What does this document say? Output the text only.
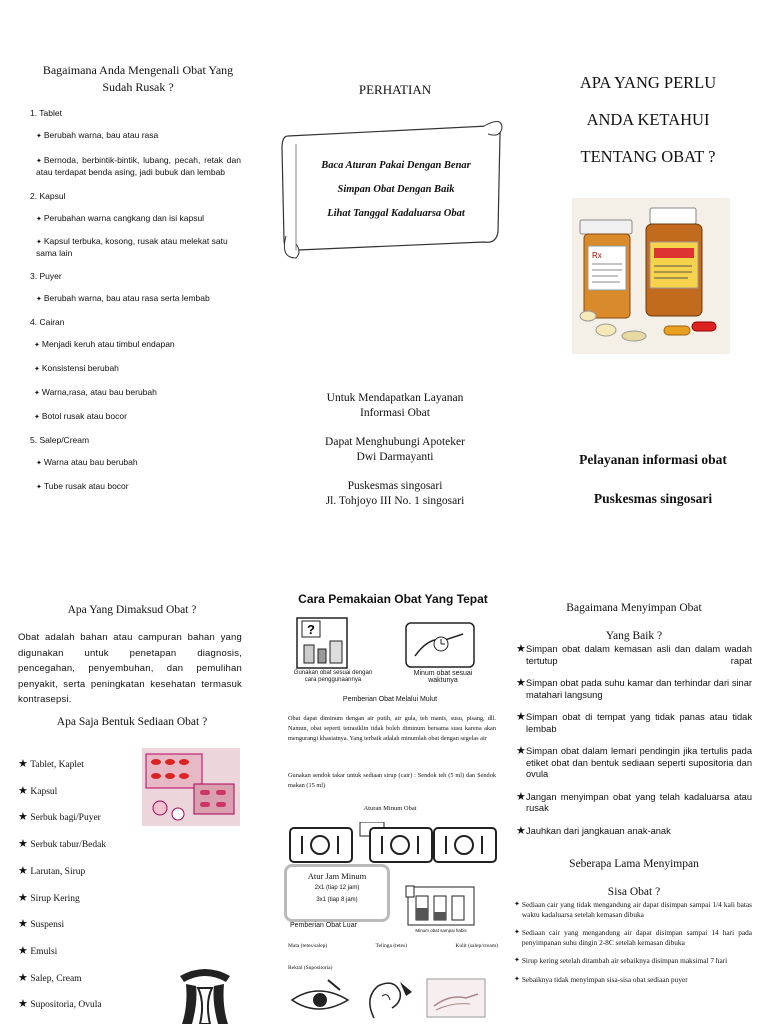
Bagaimana Anda Mengenali Obat Yang Sudah Rusak ?
1. Tablet
✦ Berubah warna, bau atau rasa
✦ Bernoda, berbintik-bintik, lubang, pecah, retak dan atau terdapat benda asing, jadi bubuk dan lembab
2. Kapsul
✦ Perubahan warna cangkang dan isi kapsul
✦ Kapsul terbuka, kosong, rusak atau melekat satu sama lain
3. Puyer
✦ Berubah warna, bau atau rasa serta lembab
4. Cairan
✦ Menjadi keruh atau timbul endapan
✦ Konsistensi berubah
✦ Warna,rasa, atau bau berubah
✦ Botol rusak atau bocor
5. Salep/Cream
✦ Warna atau bau berubah
✦ Tube rusak atau bocor
PERHATIAN
Baca Aturan Pakai Dengan Benar
Simpan Obat Dengan Baik
Lihat Tanggal Kadaluarsa Obat
Untuk Mendapatkan Layanan
Informasi Obat
Dapat Menghubungi Apoteker
Dwi Darmayanti
Puskesmas singosari
Jl. Tohjoyo III No. 1 singosari
APA YANG PERLU
ANDA KETAHUI
TENTANG OBAT ?
Rx
Pelayanan informasi obat
Puskesmas singosari
Apa Yang Dimaksud Obat ?
Obat adalah bahan atau campuran bahan yang digunakan untuk penetapan diagnosis, pencegahan, penyembuhan, dan pemulihan penyakit, serta peningkatan kesehatan termasuk kontrasepsi.
Apa Saja Bentuk Sediaan Obat ?
★ Tablet, Kaplet
★ Kapsul
★ Serbuk bagi/Puyer
★ Serbuk tabur/Bedak
★ Larutan, Sirup
★ Sirup Kering
★ Suspensi
★ Emulsi
★ Salep, Cream
★ Supositoria, Ovula
Cara Pemakaian Obat Yang Tepat
?
Gunakan obat sesuai dengan cara penggunaannya
Minum obat sesuai waktunya
Pemberian Obat Melalui Mulut
Obat dapat diminum dengan air putih, air gula, teh manis, susu, pisang, dll. Namun, obat seperti tetrasiklin tidak boleh diminum bersama susu karena akan mengurangi khasiatnya. Yang terbaik adalah minumlah obat dengan segelas air
Gunakan sendok takar untuk sediaan sirup (cair) : Sendok teh (5 ml) dan Sendok makan (15 ml)
Aturan Minum Obat
Atur Jam Minum
2x1 (tiap 12 jam)
3x1 (tiap 8 jam)
Minum obat sampai habis
Pemberian Obat Luar
Mata (tetes/salep)	Telinga (tetes)	Kulit (salep/cream)
Rektal (Supositoria)
Bagaimana Menyimpan Obat
Yang Baik ?
★ Simpan obat dalam kemasan asli dan dalam wadah tertutup rapat
★ Simpan obat pada suhu kamar dan terhindar dari sinar matahari langsung
★ Simpan obat di tempat yang tidak panas atau tidak lembab
★ Simpan obat dalam lemari pendingin jika tertulis pada etiket obat dan bentuk sediaan seperti supositoria dan ovula
★ Jangan menyimpan obat yang telah kadaluarsa atau rusak
★ Jauhkan dari jangkauan anak-anak
Seberapa Lama Menyimpan
Sisa Obat ?
✦ Sediaan cair yang tidak mengandung air dapat disimpan sampai 1/4 kali batas waktu kadaluarsa setelah kemasan dibuka
✦ Sediaan cair yang mengandung air dapat disimpan sampai 14 hari pada penyimpanan suhu dingin 2-8C setelah kemasan dibuka
✦ Sirup kering setelah ditambah air sebaiknya disimpan maksimal 7 hari
✦ Sebaiknya tidak menyimpan sisa-sisa obat sediaan puyer
